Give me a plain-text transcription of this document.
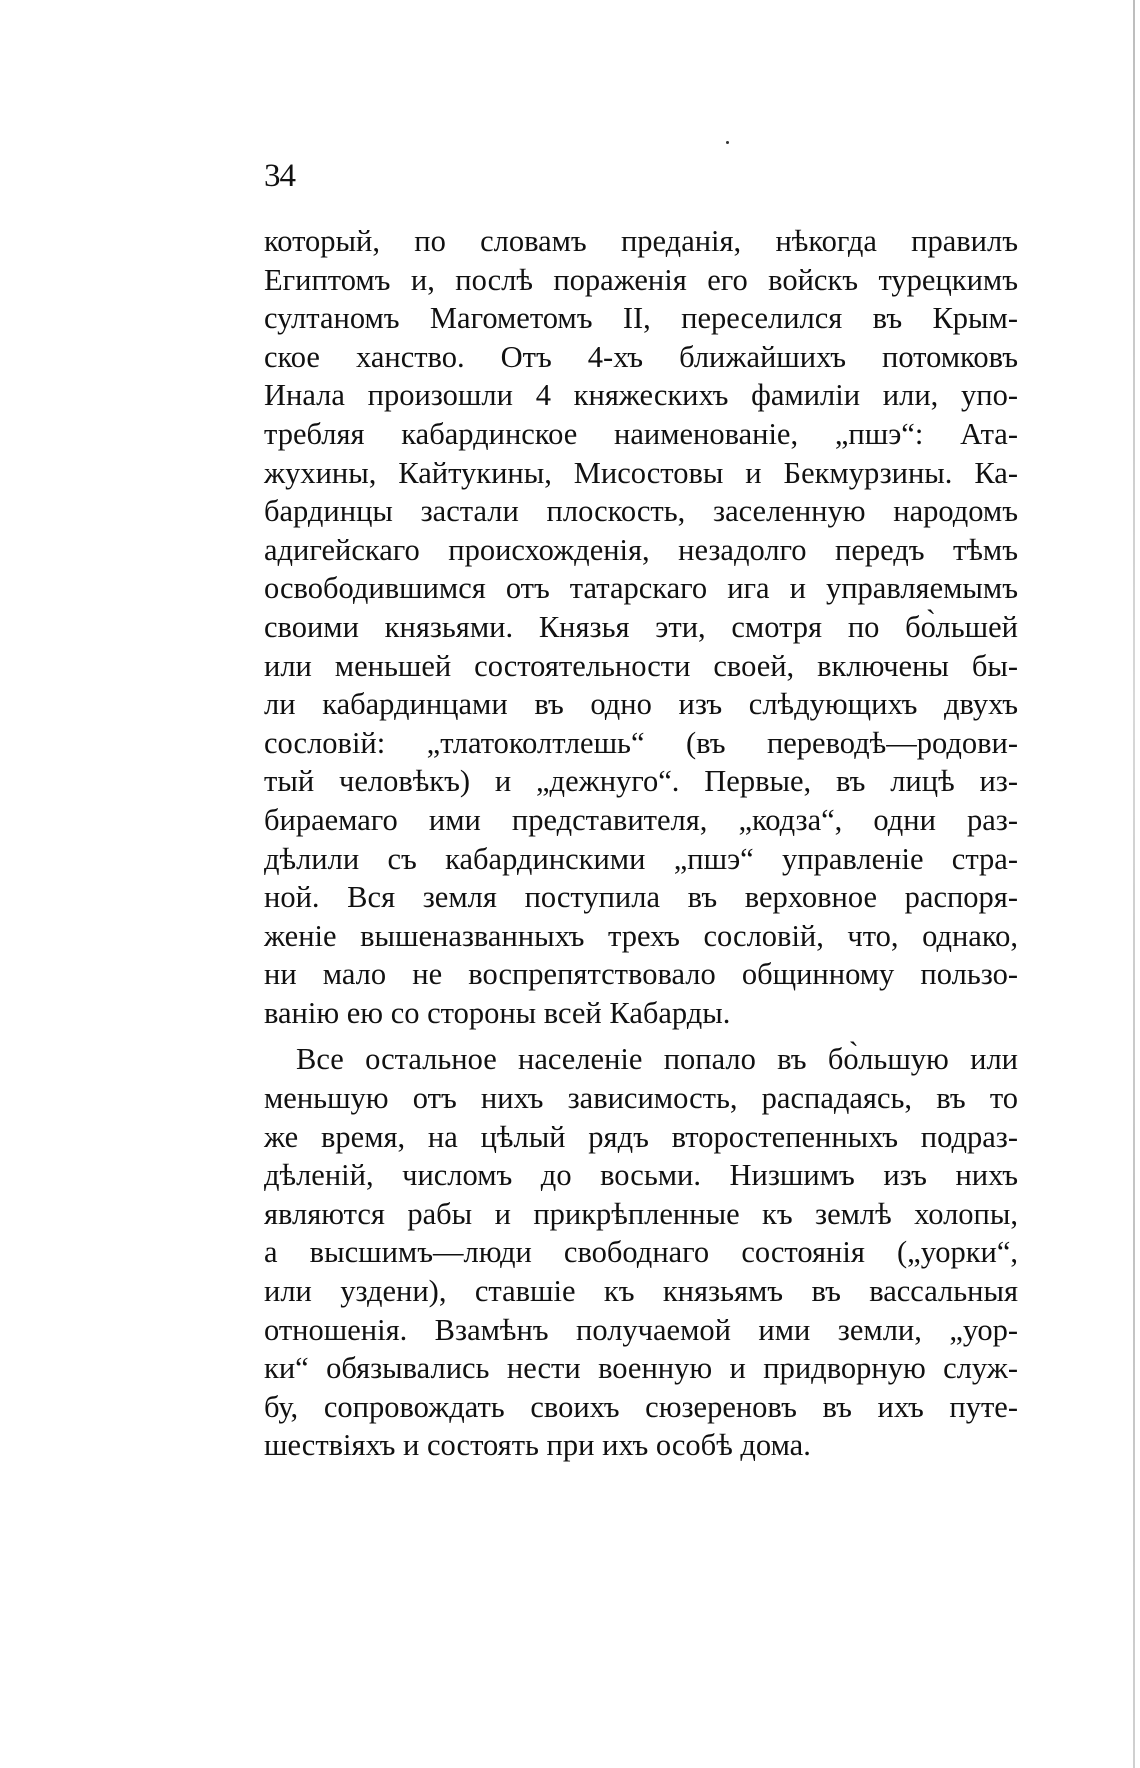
34
который, по словамъ преданія, нѣкогда правилъ
Египтомъ и, послѣ пораженія его войскъ турецкимъ
султаномъ Магометомъ II, переселился въ Крым-
ское ханство. Отъ 4-хъ ближайшихъ потомковъ
Инала произошли 4 княжескихъ фамиліи или, упо-
требляя кабардинское наименованіе, „пшэ“: Ата-
жухины, Кайтукины, Мисостовы и Бекмурзины. Ка-
бардинцы застали плоскость, заселенную народомъ
адигейскаго происхожденія, незадолго передъ тѣмъ
освободившимся отъ татарскаго ига и управляемымъ
своими князьями. Князья эти, смотря по бо̀льшей
или меньшей состоятельности своей, включены бы-
ли кабардинцами въ одно изъ слѣдующихъ двухъ
сословій: „тлатоколтлешь“ (въ переводѣ—родови-
тый человѣкъ) и „дежнуго“. Первые, въ лицѣ из-
бираемаго ими представителя, „кодза“, одни раз-
дѣлили съ кабардинскими „пшэ“ управленіе стра-
ной. Вся земля поступила въ верховное распоря-
женіе вышеназванныхъ трехъ сословій, что, однако,
ни мало не воспрепятствовало общинному пользо-
ванію ею со стороны всей Кабарды.
Все остальное населеніе попало въ бо̀льшую или
меньшую отъ нихъ зависимость, распадаясь, въ то
же время, на цѣлый рядъ второстепенныхъ подраз-
дѣленій, числомъ до восьми. Низшимъ изъ нихъ
являются рабы и прикрѣпленные къ землѣ холопы,
а высшимъ—люди свободнаго состоянія („уорки“,
или уздени), ставшіе къ князьямъ въ вассальныя
отношенія. Взамѣнъ получаемой ими земли, „уор-
ки“ обязывались нести военную и придворную служ-
бу, сопровождать своихъ сюзереновъ въ ихъ путе-
шествіяхъ и состоять при ихъ особѣ дома.
